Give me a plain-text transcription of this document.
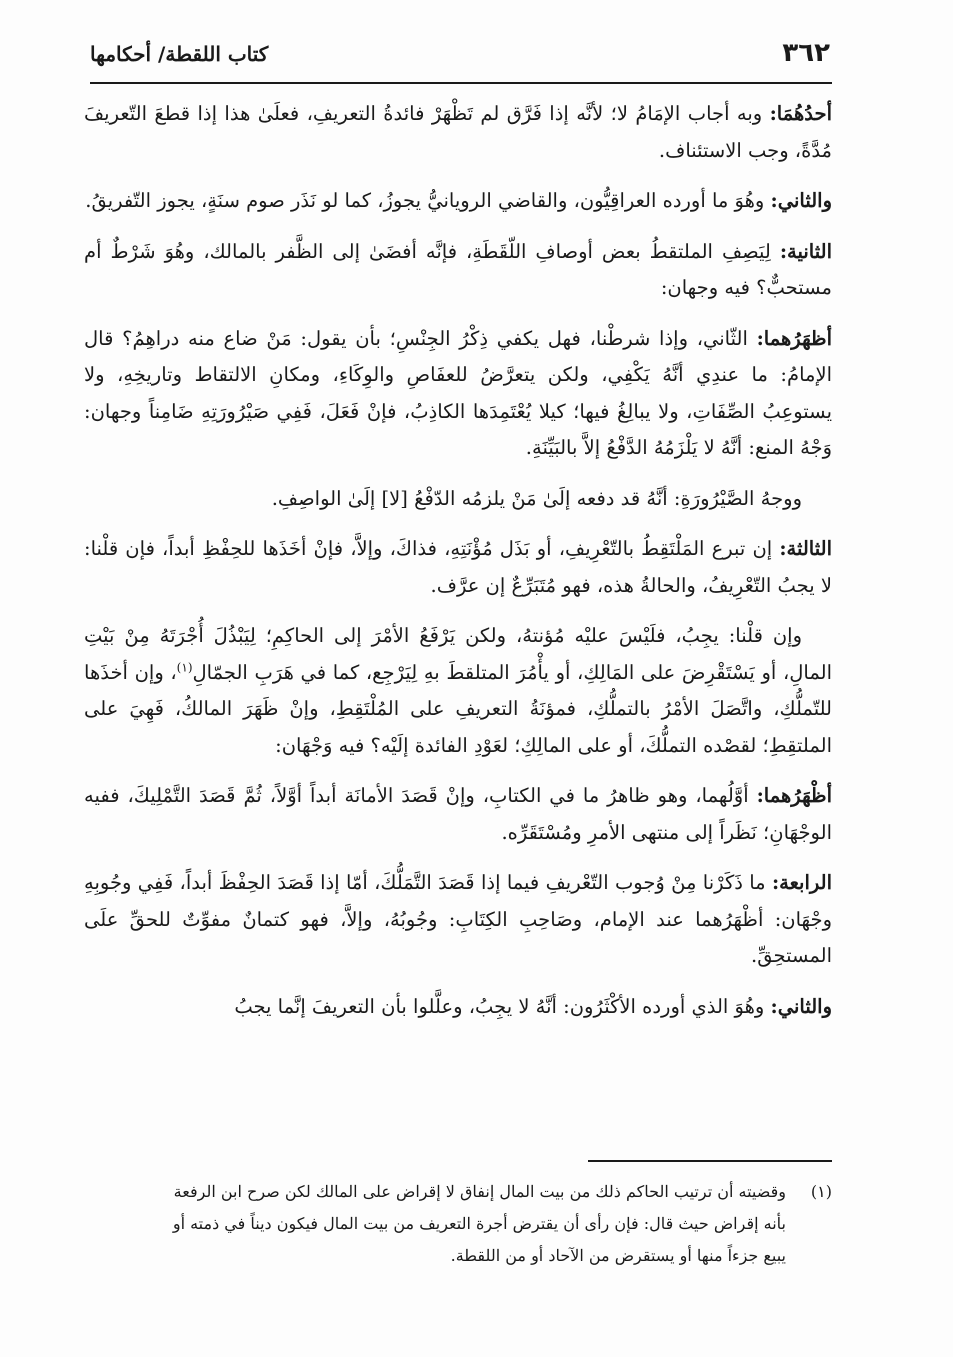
٣٦٢
كتاب اللقطة/ أحكامها

أحدُهُمَا: وبه أجاب الإمَامُ لا؛ لأنَّه إذا فَرَّق لم تَظْهَرْ فائدةُ التعريفِ، فعلَىٰ هذا إذا قطعَ التّعريفَ مُدَّةً، وجب الاستئناف.

والثاني: وهُوَ ما أورده العراقِيُّون، والقاضي الرويانيُّ يجوزُ، كما لو نَذَر صوم سنَةٍ، يجوز التّفريقُ.

الثانية: لِيَصِفِ الملتقطُ بعض أوصافِ اللّقَطَةِ، فإنَّه أفضَىٰ إلى الظَّفر بالمالك، وهُوَ شَرْطٌ أم مستحبٌّ؟ فيه وجهان:

أظهَرُهما: الثّاني، وإذا شرطْنا، فهل يكفي ذِكْرُ الجِنْسِ؛ بأن يقول: مَنْ ضاع منه دراهِمُ؟ قال الإمامُ: ما عندِي أنَّهُ يَكْفِي، ولكن يتعرَّضُ للعفَاصِ والوِكَاءِ، ومكانِ الالتقاط وتاريخِهِ، ولا يستوعِبُ الصِّفَاتِ، ولا يبالِغُ فيها؛ كيلا يُعْتَمِدَها الكاذِبُ، فإنْ فَعَلَ، فَفِي صَيْرُورَتِهِ ضَامِناً وجهان: وَجْهُ المنع: أنَّهُ لا يَلْزَمُهُ الدَّفْعُ إلاَّ بالبَيِّنَةِ.

ووجهُ الصَّيْرُورَةِ: أنَّهُ قد دفعه إلَىٰ مَنْ يلزمُه الدّفْعُ [لا] إلَىٰ الواصِفِ.

الثالثة: إن تبرع المَلْتَقِطُ بالتّعْرِيفِ، أو بَذَل مُؤْنَتِهِ، فذاكَ، وإلاَّ، فإنْ أخَذَها للحِفْظِ أبداً، فإن قلْنا: لا يجبُ التّعْرِيفُ، والحالةُ هذه، فهو مُتَبَرِّعٌ إن عرَّف.

وإن قلْنا: يجِبُ، فلَيْسَ عليْه مُؤنتهُ، ولكن يَرْفَعُ الأمْرَ إلى الحاكِمِ؛ لِيَبْذُلَ أُجْرَتَهُ مِنْ بَيْتِ المالِ، أو يَسْتَقْرِضَ على المَالِكِ، أو يأْمُرَ المتلقطَ بهِ لِيَرْجِع، كما في هَرَبِ الجمّالِ$^{(١)}$، وإن أخذَها للتّملُّكِ، واتَّصَلَ الأمْرُ بالتملُّكِ، فمؤنَةُ التعريفِ على المُلْتَقِطِ، وإنْ ظَهَرَ المالكُ، فَهِيَ على الملتقِطِ؛ لقصْده التملُّكَ، أو على المالِكِ؛ لعَوْدِ الفائدة إلَيْه؟ فيه وَجْهَان:

أظْهَرُهما: أوَّلُهما، وهو ظاهرُ ما في الكتابِ، وإنْ قَصَدَ الأمانَة أبداً أوَّلاً، ثُمَّ قَصَدَ التَّمْلِيكَ، ففيه الوجْهَانِ؛ نَظَراً إلى منتهى الأمرِ ومُسْتَقَرِّه.

الرابعة: ما ذَكَرْنا مِنْ وُجوب التّعْريفِ فيما إذا قَصَدَ التَّمَلُّكَ، أمّا إذا قَصَدَ الحِفْظَ أبداً، فَفِي وجُوبِهِ وجْهَان: أظْهَرُهما عند الإمام، وصَاحِبِ الكِتَابِ: وجُوبُهُ، وإلاَّ، فهو كتمانٌ مفوِّتٌ للحقِّ علَى المستحِقِّ.

والثاني: وهُوَ الذي أورده الأكْثَرُون: أنَّهُ لا يجِبُ، وعلَّلوا بأن التعريفَ إنَّما يجبُ

(١)وقضيته أن ترتيب الحاكم ذلك من بيت المال إنفاق لا إقراض على المالك لكن صرح ابن الرفعة
بأنه إقراض حيث قال: فإن رأى أن يقترض أجرة التعريف من بيت المال فيكون ديناً في ذمته أو
يبيع جزءاً منها أو يستقرض من الآحاد أو من اللقطة.
